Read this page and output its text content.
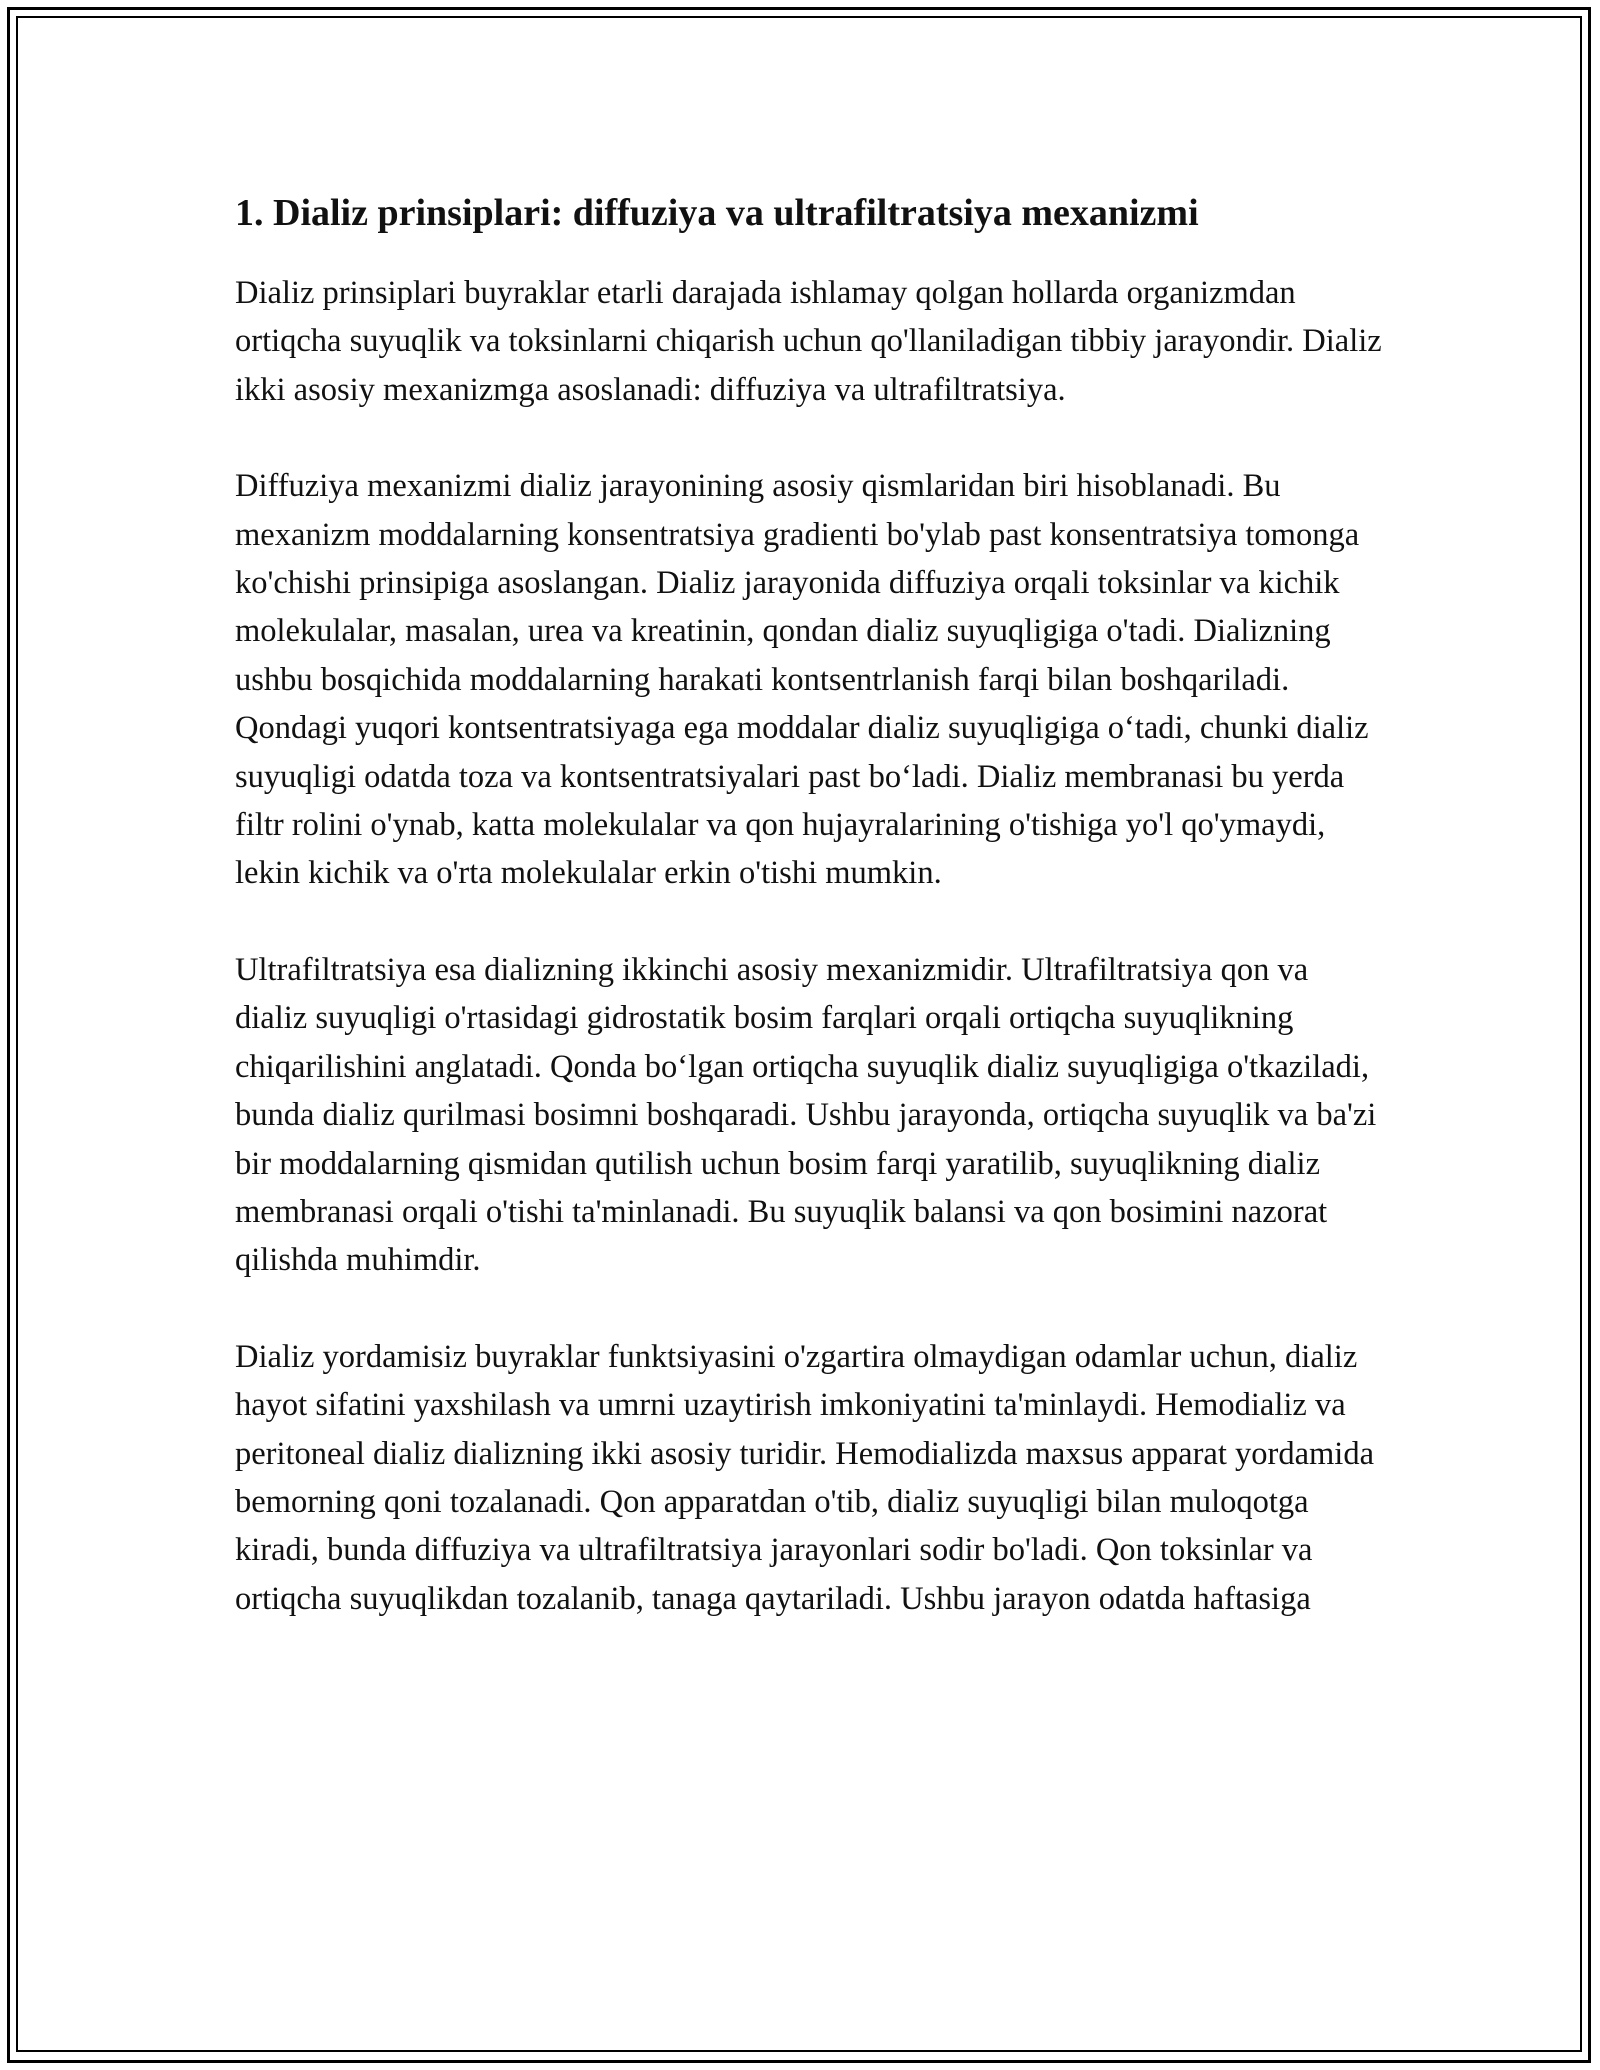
1. Dializ prinsiplari: diffuziya va ultrafiltratsiya mexanizmi

Dializ prinsiplari buyraklar etarli darajada ishlamay qolgan hollarda organizmdan ortiqcha suyuqlik va toksinlarni chiqarish uchun qo'llaniladigan tibbiy jarayondir. Dializ ikki asosiy mexanizmga asoslanadi: diffuziya va ultrafiltratsiya.

Diffuziya mexanizmi dializ jarayonining asosiy qismlaridan biri hisoblanadi. Bu mexanizm moddalarning konsentratsiya gradienti bo'ylab past konsentratsiya tomonga ko'chishi prinsipiga asoslangan. Dializ jarayonida diffuziya orqali toksinlar va kichik molekulalar, masalan, urea va kreatinin, qondan dializ suyuqligiga o'tadi. Dializning ushbu bosqichida moddalarning harakati kontsentrlanish farqi bilan boshqariladi. Qondagi yuqori kontsentratsiyaga ega moddalar dializ suyuqligiga o‘tadi, chunki dializ suyuqligi odatda toza va kontsentratsiyalari past bo‘ladi. Dializ membranasi bu yerda filtr rolini o'ynab, katta molekulalar va qon hujayralarining o'tishiga yo'l qo'ymaydi, lekin kichik va o'rta molekulalar erkin o'tishi mumkin.

Ultrafiltratsiya esa dializning ikkinchi asosiy mexanizmidir. Ultrafiltratsiya qon va dializ suyuqligi o'rtasidagi gidrostatik bosim farqlari orqali ortiqcha suyuqlikning chiqarilishini anglatadi. Qonda bo‘lgan ortiqcha suyuqlik dializ suyuqligiga o'tkaziladi, bunda dializ qurilmasi bosimni boshqaradi. Ushbu jarayonda, ortiqcha suyuqlik va ba'zi bir moddalarning qismidan qutilish uchun bosim farqi yaratilib, suyuqlikning dializ membranasi orqali o'tishi ta'minlanadi. Bu suyuqlik balansi va qon bosimini nazorat qilishda muhimdir.

Dializ yordamisiz buyraklar funktsiyasini o'zgartira olmaydigan odamlar uchun, dializ hayot sifatini yaxshilash va umrni uzaytirish imkoniyatini ta'minlaydi. Hemodializ va peritoneal dializ dializning ikki asosiy turidir. Hemodializda maxsus apparat yordamida bemorning qoni tozalanadi. Qon apparatdan o'tib, dializ suyuqligi bilan muloqotga kiradi, bunda diffuziya va ultrafiltratsiya jarayonlari sodir bo'ladi. Qon toksinlar va ortiqcha suyuqlikdan tozalanib, tanaga qaytariladi. Ushbu jarayon odatda haftasiga
